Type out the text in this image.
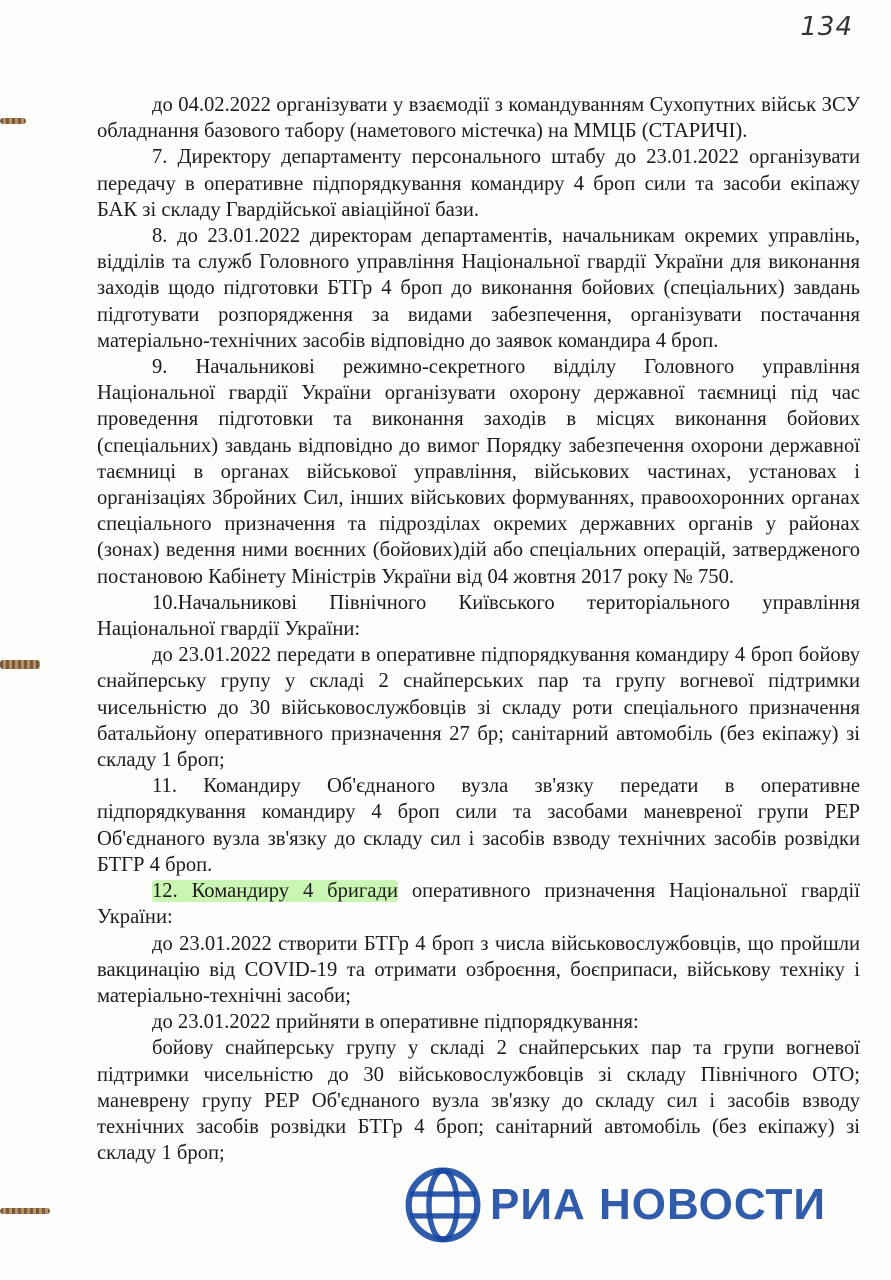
134

до 04.02.2022 організувати у взаємодії з командуванням Сухопутних військ ЗСУ обладнання базового табору (наметового містечка) на ММЦБ (СТАРИЧІ).

7. Директору департаменту персонального штабу до 23.01.2022 організувати передачу в оперативне підпорядкування командиру 4 броп сили та засоби екіпажу БАК зі складу Гвардійської авіаційної бази.

8. до 23.01.2022 директорам департаментів, начальникам окремих управлінь, відділів та служб Головного управління Національної гвардії України для виконання заходів щодо підготовки БТГр 4 броп до виконання бойових (спеціальних) завдань підготувати розпорядження за видами забезпечення, організувати постачання матеріально-технічних засобів відповідно до заявок командира 4 броп.

9. Начальникові режимно-секретного відділу Головного управління Національної гвардії України організувати охорону державної таємниці під час проведення підготовки та виконання заходів в місцях виконання бойових (спеціальних) завдань відповідно до вимог Порядку забезпечення охорони державної таємниці в органах військової управління, військових частинах, установах і організаціях Збройних Сил, інших військових формуваннях, правоохоронних органах спеціального призначення та підрозділах окремих державних органів у районах (зонах) ведення ними воєнних (бойових)дій або спеціальних операцій, затвердженого постановою Кабінету Міністрів України від 04 жовтня 2017 року № 750.

10.Начальникові Північного Київського територіального управління Національної гвардії України:

до 23.01.2022 передати в оперативне підпорядкування командиру 4 броп бойову снайперську групу у складі 2 снайперських пар та групу вогневої підтримки чисельністю до 30 військовослужбовців зі складу роти спеціального призначення батальйону оперативного призначення 27 бр; санітарний автомобіль (без екіпажу) зі складу 1 броп;

11. Командиру Об'єднаного вузла зв'язку передати в оперативне підпорядкування командиру 4 броп сили та засобами маневреної групи РЕР Об'єднаного вузла зв'язку до складу сил і засобів взводу технічних засобів розвідки БТГР 4 броп.

12. Командиру 4 бригади оперативного призначення Національної гвардії України:

до 23.01.2022 створити БТГр 4 броп з числа військовослужбовців, що пройшли вакцинацію від COVID-19 та отримати озброєння, боєприпаси, військову техніку і матеріально-технічні засоби;

до 23.01.2022 прийняти в оперативне підпорядкування:

бойову снайперську групу у складі 2 снайперських пар та групи вогневої підтримки чисельністю до 30 військовослужбовців зі складу Північного ОТО; маневрену групу РЕР Об'єднаного вузла зв'язку до складу сил і засобів взводу технічних засобів розвідки БТГр 4 броп; санітарний автомобіль (без екіпажу) зі складу 1 броп;

РИА НОВОСТИ
